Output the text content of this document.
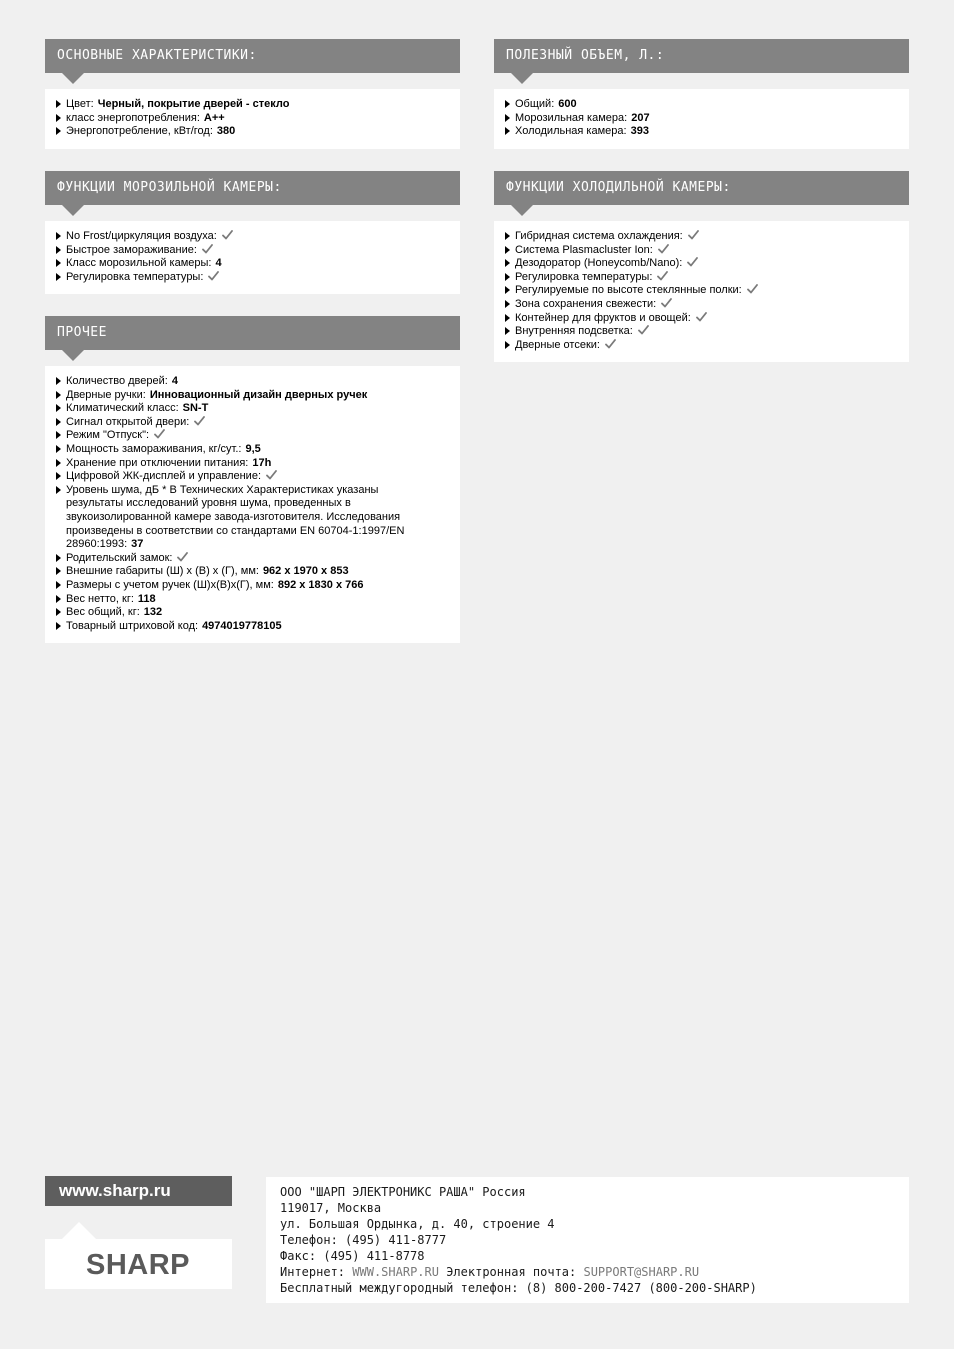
ОСНОВНЫЕ ХАРАКТЕРИСТИКИ:
Цвет: Черный, покрытие дверей - стекло
класс энергопотребления: A++
Энергопотребление, кВт/год: 380
ПОЛЕЗНЫЙ ОБЪЕМ, Л.:
Общий: 600
Морозильная камера: 207
Холодильная камера: 393
ФУНКЦИИ МОРОЗИЛЬНОЙ КАМЕРЫ:
No Frost/циркуляция воздуха:
Быстрое замораживание:
Класс морозильной камеры: 4
Регулировка температуры:
ФУНКЦИИ ХОЛОДИЛЬНОЙ КАМЕРЫ:
Гибридная система охлаждения:
Система Plasmacluster Ion:
Дезодоратор (Honeycomb/Nano):
Регулировка температуры:
Регулируемые по высоте стеклянные полки:
Зона сохранения свежести:
Контейнер для фруктов и овощей:
Внутренняя подсветка:
Дверные отсеки:
ПРОЧЕЕ
Количество дверей: 4
Дверные ручки: Инновационный дизайн дверных ручек
Климатический класс: SN-T
Сигнал открытой двери:
Режим "Отпуск":
Мощность замораживания, кг/сут.: 9,5
Хранение при отключении питания: 17h
Цифровой ЖК-дисплей и управление:
Уровень шума, дБ * В Технических Характеристиках указаны результаты исследований уровня шума, проведенных в звукоизолированной камере завода-изготовителя. Исследования произведены в соответствии со стандартами EN 60704-1:1997/EN 28960:1993: 37
Родительский замок:
Внешние габариты (Ш) х (В) х (Г), мм: 962 x 1970 x 853
Размеры с учетом ручек (Ш)х(В)х(Г), мм: 892 x 1830 x 766
Вес нетто, кг: 118
Вес общий, кг: 132
Товарный штриховой код: 4974019778105
www.sharp.ru
SHARP
ООО "ШАРП ЭЛЕКТРОНИКС РАША" Россия
119017, Москва
ул. Большая Ордынка, д. 40, строение 4
Телефон: (495) 411-8777
Факс: (495) 411-8778
Интернет: WWW.SHARP.RU Электронная почта: SUPPORT@SHARP.RU
Бесплатный междугородный телефон: (8) 800-200-7427 (800-200-SHARP)
